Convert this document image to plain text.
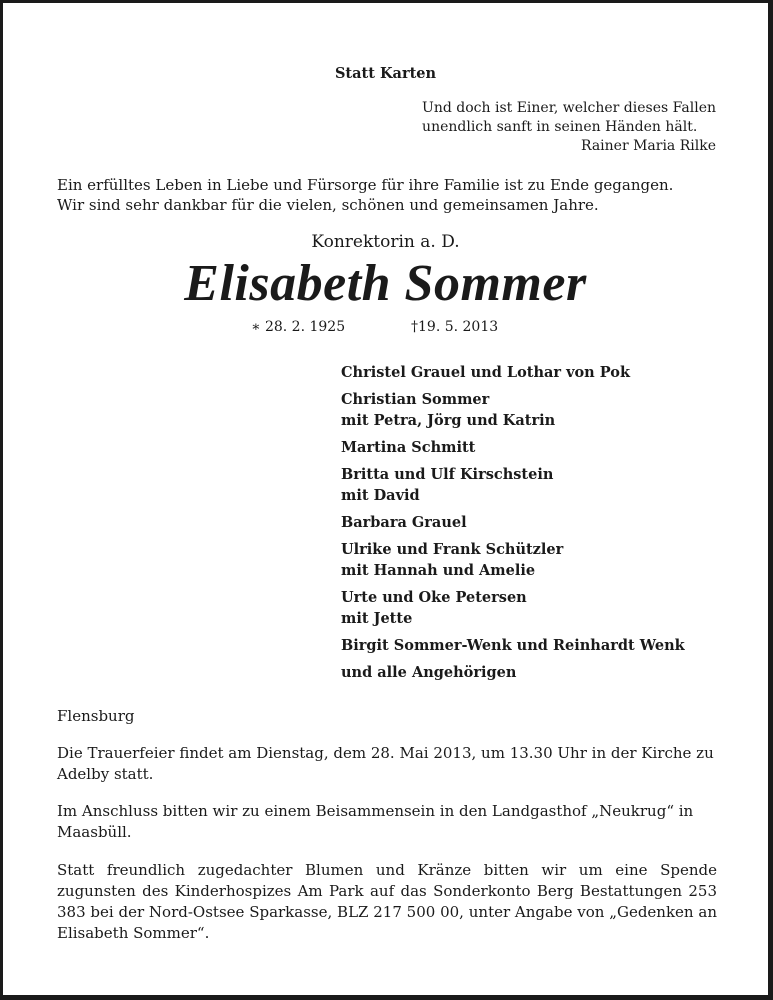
Statt Karten

Und doch ist Einer, welcher dieses Fallen
unendlich sanft in seinen Händen hält.
Rainer Maria Rilke

Ein erfülltes Leben in Liebe und Fürsorge für ihre Familie ist zu Ende gegangen.
Wir sind sehr dankbar für die vielen, schönen und gemeinsamen Jahre.

Konrektorin a. D.

Elisabeth Sommer

∗ 28. 2. 1925	†19. 5. 2013

Christel Grauel und Lothar von Pok
Christian Sommer
mit Petra, Jörg und Katrin
Martina Schmitt
Britta und Ulf Kirschstein
mit David
Barbara Grauel
Ulrike und Frank Schützler
mit Hannah und Amelie
Urte und Oke Petersen
mit Jette
Birgit Sommer-Wenk und Reinhardt Wenk
und alle Angehörigen

Flensburg

Die Trauerfeier findet am Dienstag, dem 28. Mai 2013, um 13.30 Uhr in der Kirche zu Adelby statt.

Im Anschluss bitten wir zu einem Beisammensein in den Landgasthof „Neukrug“ in Maasbüll.

Statt freundlich zugedachter Blumen und Kränze bitten wir um eine Spende zugunsten des Kinderhospizes Am Park auf das Sonderkonto Berg Bestattungen 253 383 bei der Nord-Ostsee Sparkasse, BLZ 217 500 00, unter Angabe von „Gedenken an Elisabeth Sommer“.
